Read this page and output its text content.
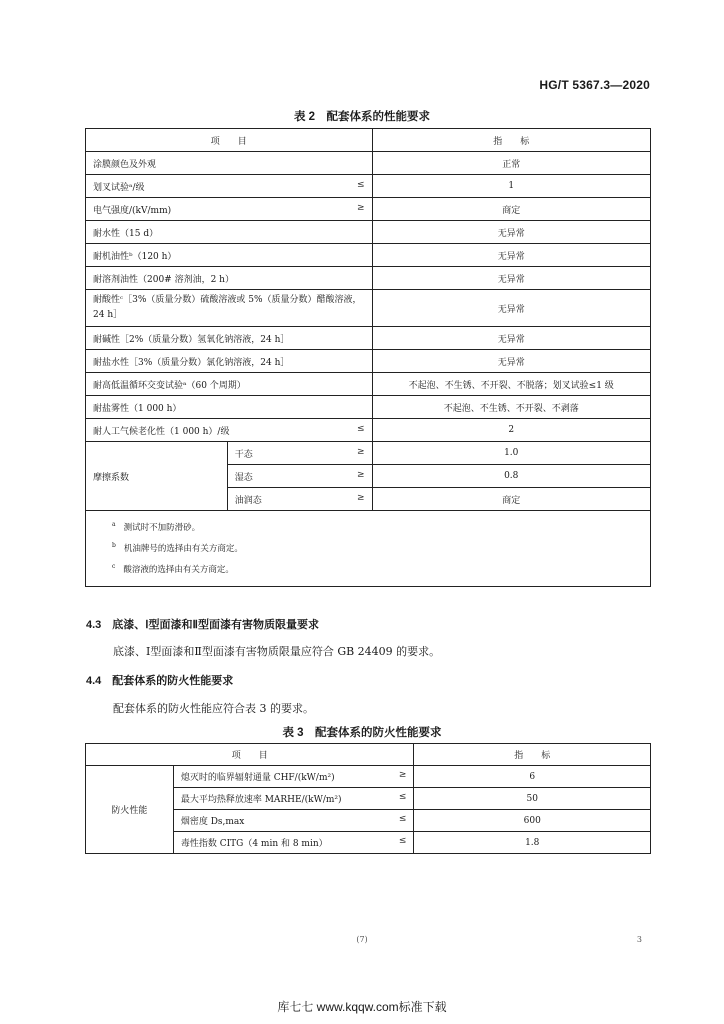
HG/T 5367.3—2020
表 2　配套体系的性能要求
项　　目		指　　标
涂膜颜色及外观		正常
划叉试验ᵃ/级 ≤		1
电气强度/(kV/mm) ≥		商定
耐水性（15 d）		无异常
耐机油性ᵇ（120 h）		无异常
耐溶剂油性（200# 溶剂油，2 h）		无异常
耐酸性ᶜ［3%（质量分数）硫酸溶液或 5%（质量分数）醋酸溶液，24 h］		无异常
耐碱性［2%（质量分数）氢氧化钠溶液，24 h］		无异常
耐盐水性［3%（质量分数）氯化钠溶液，24 h］		无异常
耐高低温循环交变试验ᵃ（60 个周期）		不起泡、不生锈、不开裂、不脱落；划叉试验≤1 级
耐盐雾性（1 000 h）		不起泡、不生锈、不开裂、不剥落
耐人工气候老化性（1 000 h）/级 ≤		2
摩擦系数	干态 ≥	1.0
	湿态 ≥	0.8
	油润态 ≥	商定

$^a$ 测试时不加防滑砂。
$^b$ 机油牌号的选择由有关方商定。
$^c$ 酸溶液的选择由有关方商定。		
4.3　底漆、Ⅰ型面漆和Ⅱ型面漆有害物质限量要求
底漆、Ⅰ型面漆和Ⅱ型面漆有害物质限量应符合 GB 24409 的要求。
4.4　配套体系的防火性能要求
配套体系的防火性能应符合表 3 的要求。
表 3　配套体系的防火性能要求
项　　目		指　　标
防火性能	熄灭时的临界辐射通量 CHF/(kW/m²) ≥	6
	最大平均热释放速率 MARHE/(kW/m²) ≤	50
	烟密度 Ds,max ≤	600
	毒性指数 CITG（4 min 和 8 min） ≤	1.8
(7)	3
库七七 www.kqqw.com标准下载
